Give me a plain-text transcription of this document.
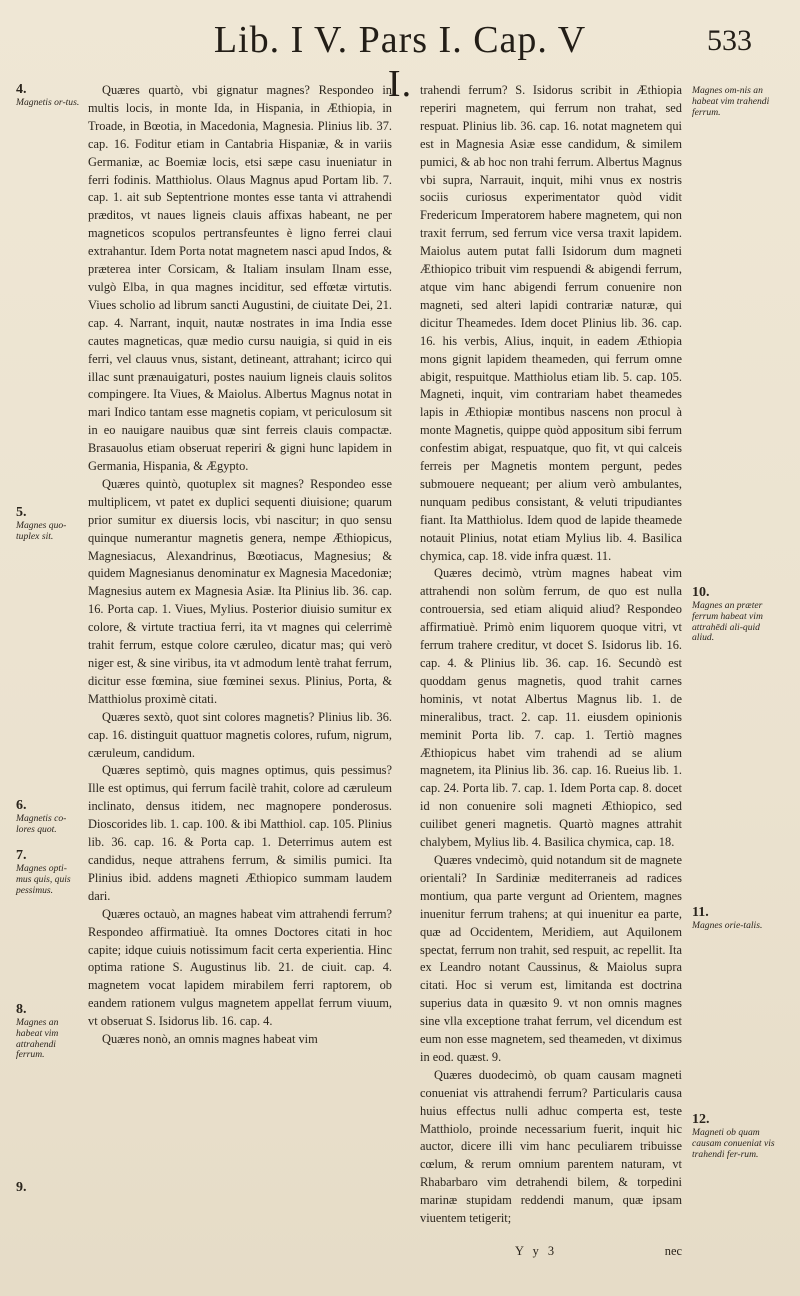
Lib. I V. Pars I. Cap. V I.
533
4.
Magnetis or-tus.
5.
Magnes quo-tuplex sit.
6.
Magnetis co-lores quot.
7.
Magnes opti-mus quis, quis pessimus.
8.
Magnes an habeat vim attrahendi ferrum.
9.

Quæres quartò, vbi gignatur magnes? Respondeo in multis locis, in monte Ida, in Hispania, in Æthiopia, in Troade, in Bœotia, in Macedonia, Magnesia. Plinius lib. 37. cap. 16. Foditur etiam in Cantabria Hispaniæ, & in variis Germaniæ, ac Boemiæ locis, etsi sæpe casu inueniatur in ferri fodinis. Matthiolus. Olaus Magnus apud Portam lib. 7. cap. 1. ait sub Septentrione montes esse tanta vi attrahendi præditos, vt naues ligneis clauis affixas habeant, ne per magneticos scopulos pertransfeuntes è ligno ferrei claui extrahantur. Idem Porta notat magnetem nasci apud Indos, & præterea inter Corsicam, & Italiam insulam Ilnam esse, vulgò Elba, in qua magnes inciditur, sed effœtæ virtutis. Viues scholio ad librum sancti Augustini, de ciuitate Dei, 21. cap. 4. Narrant, inquit, nautæ nostrates in ima India esse cautes magneticas, quæ medio cursu nauigia, si quid in eis ferri, vel clauus vnus, sistant, detineant, attrahant; icirco qui illac sunt prænauigaturi, postes nauium ligneis clauis solitos compingere. Ita Viues, & Maiolus. Albertus Magnus notat in mari Indico tantam esse magnetis copiam, vt periculosum sit in eo nauigare nauibus quæ sint ferreis clauis compactæ. Brasauolus etiam obseruat reperiri & gigni hunc lapidem in Germania, Hispania, & Ægypto.

Quæres quintò, quotuplex sit magnes? Respondeo esse multiplicem, vt patet ex duplici sequenti diuisione; quarum prior sumitur ex diuersis locis, vbi nascitur; in quo sensu quinque numerantur magnetis genera, nempe Æthiopicus, Magnesiacus, Alexandrinus, Bœotiacus, Magnesius; & quidem Magnesianus denominatur ex Magnesia Macedoniæ; Magnesius autem ex Magnesia Asiæ. Ita Plinius lib. 36. cap. 16. Porta cap. 1. Viues, Mylius. Posterior diuisio sumitur ex colore, & virtute tractiua ferri, ita vt magnes qui celerrimè trahit ferrum, estque colore cæruleo, dicatur mas; qui verò niger est, & sine viribus, ita vt admodum lentè trahat ferrum, dicitur esse fœmina, siue fœminei sexus. Plinius, Porta, & Matthiolus proximè citati.

Quæres sextò, quot sint colores magnetis? Plinius lib. 36. cap. 16. distinguit quattuor magnetis colores, rufum, nigrum, cæruleum, candidum.

Quæres septimò, quis magnes optimus, quis pessimus? Ille est optimus, qui ferrum facilè trahit, colore ad cæruleum inclinato, densus itidem, nec magnopere ponderosus. Dioscorides lib. 1. cap. 100. & ibi Matthiol. cap. 105. Plinius lib. 36. cap. 16. & Porta cap. 1. Deterrimus autem est candidus, neque attrahens ferrum, & similis pumici. Ita Plinius ibid. addens magneti Æthiopico summam laudem dari.

Quæres octauò, an magnes habeat vim attrahendi ferrum? Respondeo affirmatiuè. Ita omnes Doctores citati in hoc capite; idque cuiuis notissimum facit certa experientia. Hinc optima ratione S. Augustinus lib. 21. de ciuit. cap. 4. magnetem vocat lapidem mirabilem ferri raptorem, ob eandem rationem vulgus magnetem appellat ferrum viuum, vt obseruat S. Isidorus lib. 16. cap. 4.

Quæres nonò, an omnis magnes habeat vim

trahendi ferrum? S. Isidorus scribit in Æthiopia reperiri magnetem, qui ferrum non trahat, sed respuat. Plinius lib. 36. cap. 16. notat magnetem qui est in Magnesia Asiæ esse candidum, & similem pumici, & ab hoc non trahi ferrum. Albertus Magnus vbi supra, Narrauit, inquit, mihi vnus ex nostris sociis curiosus experimentator quòd vidit Fredericum Imperatorem habere magnetem, qui non traxit ferrum, sed ferrum vice versa traxit lapidem. Maiolus autem putat falli Isidorum dum magneti Æthiopico tribuit vim respuendi & abigendi ferrum, atque vim hanc abigendi ferrum conuenire non magneti, sed alteri lapidi contrariæ naturæ, qui dicitur Theamedes. Idem docet Plinius lib. 36. cap. 16. his verbis, Alius, inquit, in eadem Æthiopia mons gignit lapidem theameden, qui ferrum omne abigit, respuitque. Matthiolus etiam lib. 5. cap. 105. Magneti, inquit, vim contrariam habet theamedes lapis in Æthiopiæ montibus nascens non procul à monte Magnetis, quippe quòd appositum sibi ferrum confestim abigat, respuatque, quo fit, vt qui calceis ferreis per Magnetis montem pergunt, pedes submouere nequeant; per alium verò ambulantes, nunquam pedibus consistant, & veluti tripudiantes fiant. Ita Matthiolus. Idem quod de lapide theamede notauit Plinius, notat etiam Mylius lib. 4. Basilica chymica, cap. 18. vide infra quæst. 11.

Quæres decimò, vtrùm magnes habeat vim attrahendi non solùm ferrum, de quo est nulla controuersia, sed etiam aliquid aliud? Respondeo affirmatiuè. Primò enim liquorem quoque vitri, vt ferrum trahere creditur, vt docet S. Isidorus lib. 16. cap. 4. & Plinius lib. 36. cap. 16. Secundò est quoddam genus magnetis, quod trahit carnes hominis, vt notat Albertus Magnus lib. 1. de mineralibus, tract. 2. cap. 11. eiusdem opinionis meminit Porta lib. 7. cap. 1. Tertiò magnes Æthiopicus habet vim trahendi ad se alium magnetem, ita Plinius lib. 36. cap. 16. Rueius lib. 1. cap. 24. Porta lib. 7. cap. 1. Idem Porta cap. 8. docet id non conuenire soli magneti Æthiopico, sed cuilibet generi magnetis. Quartò magnes attrahit chalybem, Mylius lib. 4. Basilica chymica, cap. 18.

Quæres vndecimò, quid notandum sit de magnete orientali? In Sardiniæ mediterraneis ad radices montium, qua parte vergunt ad Orientem, magnes inuenitur ferrum trahens; at qui inuenitur ea parte, quæ ad Occidentem, Meridiem, aut Aquilonem spectat, ferrum non trahit, sed respuit, ac repellit. Ita ex Leandro notant Caussinus, & Maiolus supra citati. Hoc si verum est, limitanda est doctrina superius data in quæsito 9. vt non omnis magnes sine vlla exceptione trahat ferrum, vel dicendum est eum non esse magnetem, sed theameden, vt diximus in eod. quæst. 9.

Quæres duodecimò, ob quam causam magneti conueniat vis attrahendi ferrum? Particularis causa huius effectus nulli adhuc comperta est, teste Matthiolo, proinde necessarium fuerit, inquit hic auctor, dicere illi vim hanc peculiarem tribuisse cœlum, & rerum omnium parentem naturam, vt Rhabarbaro vim detrahendi bilem, & torpedini marinæ stupidam reddendi manum, quæ ipsam viuentem tetigerit;

Magnes om-nis an habeat vim trahendi ferrum.
10.
Magnes an præter ferrum habeat vim attrahēdi ali-quid aliud.
11.
Magnes orie-talis.
12.
Magneti ob quam causam conueniat vis trahendi fer-rum.
Y y 3	nec
